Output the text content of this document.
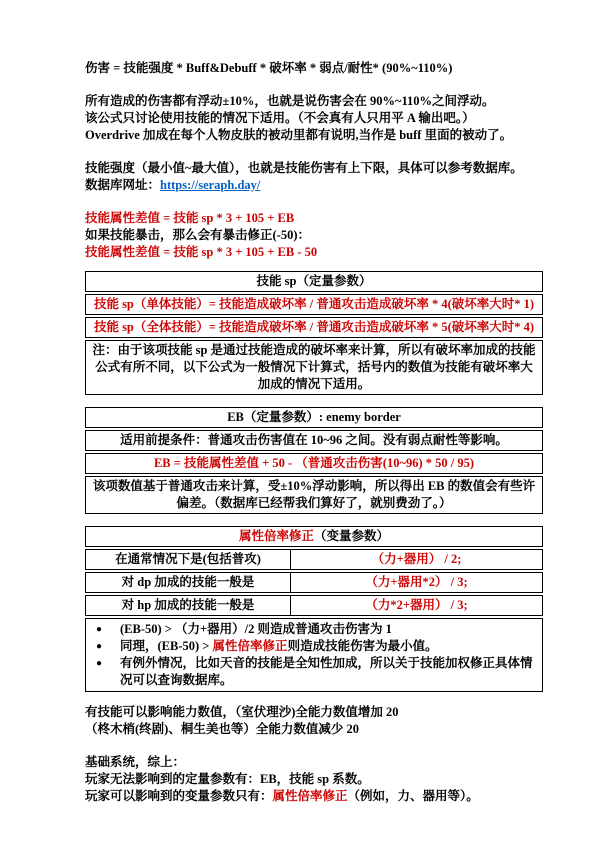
伤害 = 技能强度 * Buff&Debuff * 破坏率 * 弱点/耐性* (90%~110%)
所有造成的伤害都有浮动±10%，也就是说伤害会在 90%~110%之间浮动。
该公式只讨论使用技能的情况下适用。（不会真有人只用平 A 输出吧。）
Overdrive 加成在每个人物皮肤的被动里都有说明,当作是 buff 里面的被动了。
技能强度（最小值~最大值），也就是技能伤害有上下限，具体可以参考数据库。
数据库网址：https://seraph.day/
技能属性差值 = 技能 sp * 3 + 105 + EB
如果技能暴击，那么会有暴击修正(-50)：
技能属性差值 = 技能 sp * 3 + 105 + EB - 50
技能 sp（定量参数）
技能 sp（单体技能）= 技能造成破坏率 / 普通攻击造成破坏率 * 4(破坏率大时* 1)
技能 sp（全体技能）= 技能造成破坏率 / 普通攻击造成破坏率 * 5(破坏率大时* 4)
注：由于该项技能 sp 是通过技能造成的破坏率来计算，所以有破坏率加成的技能公式有所不同，以下公式为一般情况下计算式，括号内的数值为技能有破坏率大加成的情况下适用。
EB（定量参数）: enemy border
适用前提条件：普通攻击伤害值在 10~96 之间。没有弱点耐性等影响。
EB = 技能属性差值 + 50 - （普通攻击伤害(10~96) * 50 / 95)
该项数值基于普通攻击来计算，受±10%浮动影响，所以得出 EB 的数值会有些许偏差。（数据库已经帮我们算好了，就别费劲了。）
属性倍率修正（变量参数）
在通常情况下是(包括普攻)	（力+器用） / 2;
对 dp 加成的技能一般是	（力+器用*2） / 3;
对 hp 加成的技能一般是	（力*2+器用） / 3;
●	(EB-50) > （力+器用）/2 则造成普通攻击伤害为 1
●	同理，(EB-50) > 属性倍率修正则造成技能伤害为最小值。
●	有例外情况，比如天音的技能是全知性加成，所以关于技能加权修正具体情况可以查询数据库。
有技能可以影响能力数值，（室伏理沙)全能力数值增加 20
（柊木梢(终剧)、桐生美也等）全能力数值减少 20
基础系统，综上：
玩家无法影响到的定量参数有：EB，技能 sp 系数。
玩家可以影响到的变量参数只有：属性倍率修正（例如，力、器用等）。
